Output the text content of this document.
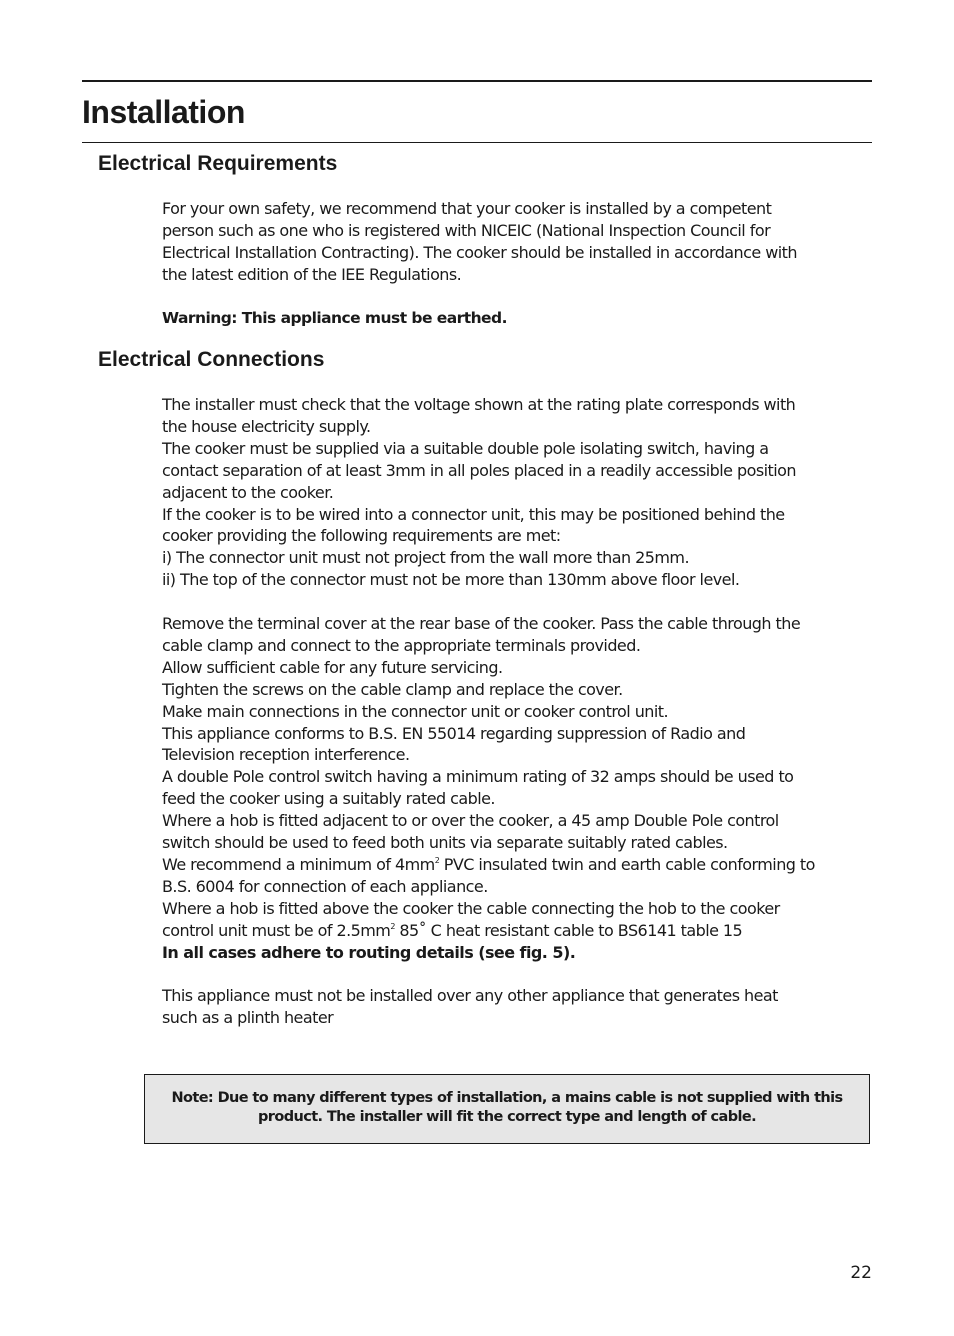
Installation
Electrical Requirements
For your own safety, we recommend that your cooker is installed by a competent
person such as one who is registered with NICEIC (National Inspection Council for
Electrical Installation Contracting). The cooker should be installed in accordance with
the latest edition of the IEE Regulations.
Warning: This appliance must be earthed.
Electrical Connections
The installer must check that the voltage shown at the rating plate corresponds with
the house electricity supply.
The cooker must be supplied via a suitable double pole isolating switch, having a
contact separation of at least 3mm in all poles placed in a readily accessible position
adjacent to the cooker.
If the cooker is to be wired into a connector unit, this may be positioned behind the
cooker providing the following requirements are met:
i) The connector unit must not project from the wall more than 25mm.
ii) The top of the connector must not be more than 130mm above floor level.
Remove the terminal cover at the rear base of the cooker. Pass the cable through the
cable clamp and connect to the appropriate terminals provided.
Allow sufficient cable for any future servicing.
Tighten the screws on the cable clamp and replace the cover.
Make main connections in the connector unit or cooker control unit.
This appliance conforms to B.S. EN 55014 regarding suppression of Radio and
Television reception interference.
A double Pole control switch having a minimum rating of 32 amps should be used to
feed the cooker using a suitably rated cable.
Where a hob is fitted adjacent to or over the cooker, a 45 amp Double Pole control
switch should be used to feed both units via separate suitably rated cables.
We recommend a minimum of $4mm^2$ PVC insulated twin and earth cable conforming to
B.S. 6004 for connection of each appliance.
Where a hob is fitted above the cooker the cable connecting the hob to the cooker
control unit must be of $2.5mm^2$ 85˚ C heat resistant cable to BS6141 table 15
In all cases adhere to routing details (see fig. 5).
This appliance must not be installed over any other appliance that generates heat
such as a plinth heater
Note: Due to many different types of installation, a mains cable is not supplied with this
product. The installer will fit the correct type and length of cable.
22
